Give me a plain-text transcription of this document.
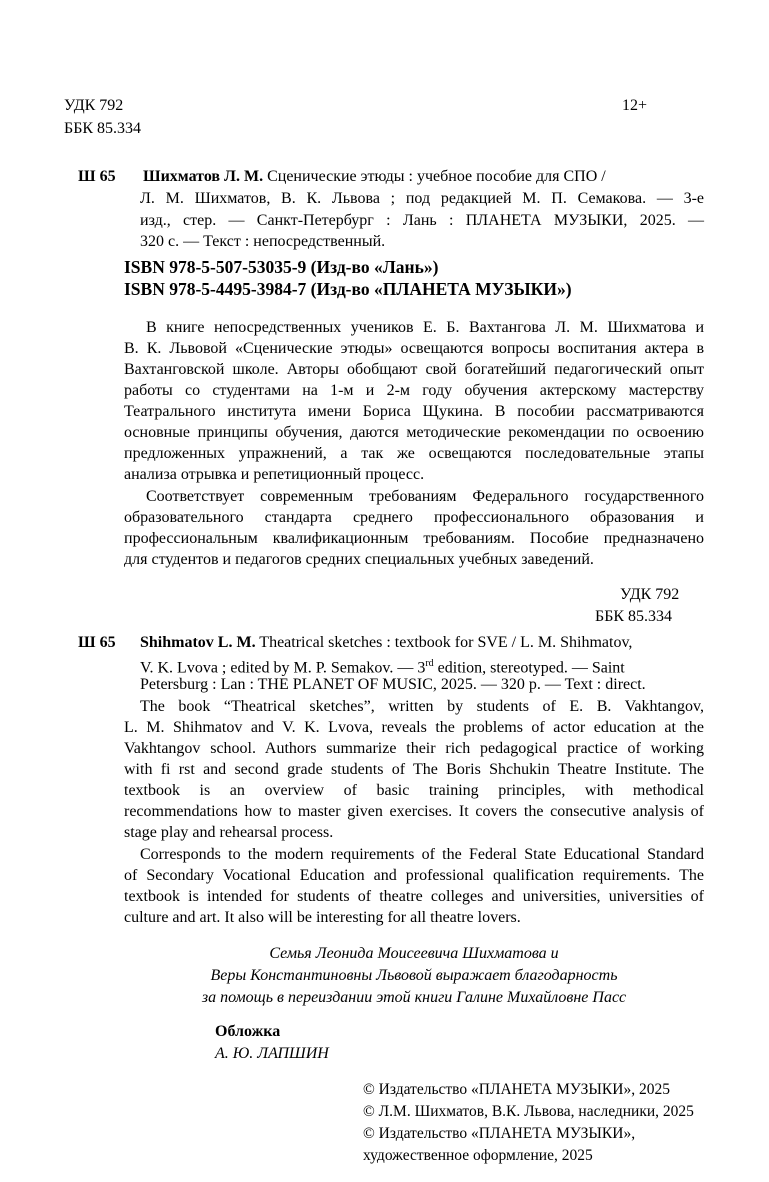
УДК 792
ББК 85.334
12+
Ш 65 Шихматов Л. М. Сценические этюды : учебное пособие для СПО /
Л. М. Шихматов, В. К. Львова ; под редакцией М. П. Семакова. — 3-е
изд., стер. — Санкт-Петербург : Лань : ПЛАНЕТА МУЗЫКИ, 2025. —
320 с. — Текст : непосредственный.
ISBN 978-5-507-53035-9 (Изд-во «Лань»)
ISBN 978-5-4495-3984-7 (Изд-во «ПЛАНЕТА МУЗЫКИ»)
В книге непосредственных учеников Е. Б. Вахтангова Л. М. Шихматова и
В. К. Львовой «Сценические этюды» освещаются вопросы воспитания актера в
Вахтанговской школе. Авторы обобщают свой богатейший педагогический опыт
работы со студентами на 1-м и 2-м году обучения актерскому мастерству
Театрального института имени Бориса Щукина. В пособии рассматриваются
основные принципы обучения, даются методические рекомендации по освоению
предложенных упражнений, а так же освещаются последовательные этапы
анализа отрывка и репетиционный процесс.
Соответствует современным требованиям Федерального государственного
образовательного стандарта среднего профессионального образования и
профессиональным квалификационным требованиям. Пособие предназначено
для студентов и педагогов средних специальных учебных заведений.
УДК 792
ББК 85.334
Ш 65 Shihmatov L. M. Theatrical sketches : textbook for SVE / L. M. Shihmatov,
V. K. Lvova ; edited by M. P. Semakov. — 3rd edition, stereotyped. — Saint
Petersburg : Lan : THE PLANET OF MUSIC, 2025. — 320 p. — Text : direct.
The book “Theatrical sketches”, written by students of E. B. Vakhtangov,
L. M. Shihmatov and V. K. Lvova, reveals the problems of actor education at the
Vakhtangov school. Authors summarize their rich pedagogical practice of working
with fi rst and second grade students of The Boris Shchukin Theatre Institute. The
textbook is an overview of basic training principles, with methodical
recommendations how to master given exercises. It covers the consecutive analysis of
stage play and rehearsal process.
Corresponds to the modern requirements of the Federal State Educational Standard
of Secondary Vocational Education and professional qualification requirements. The
textbook is intended for students of theatre colleges and universities, universities of
culture and art. It also will be interesting for all theatre lovers.
Семья Леонида Моисеевича Шихматова и
Веры Константиновны Львовой выражает благодарность
за помощь в переиздании этой книги Галине Михайловне Пасс
Обложка
А. Ю. ЛАПШИН
© Издательство «ПЛАНЕТА МУЗЫКИ», 2025
© Л.М. Шихматов, В.К. Львова, наследники, 2025
© Издательство «ПЛАНЕТА МУЗЫКИ»,
художественное оформление, 2025
